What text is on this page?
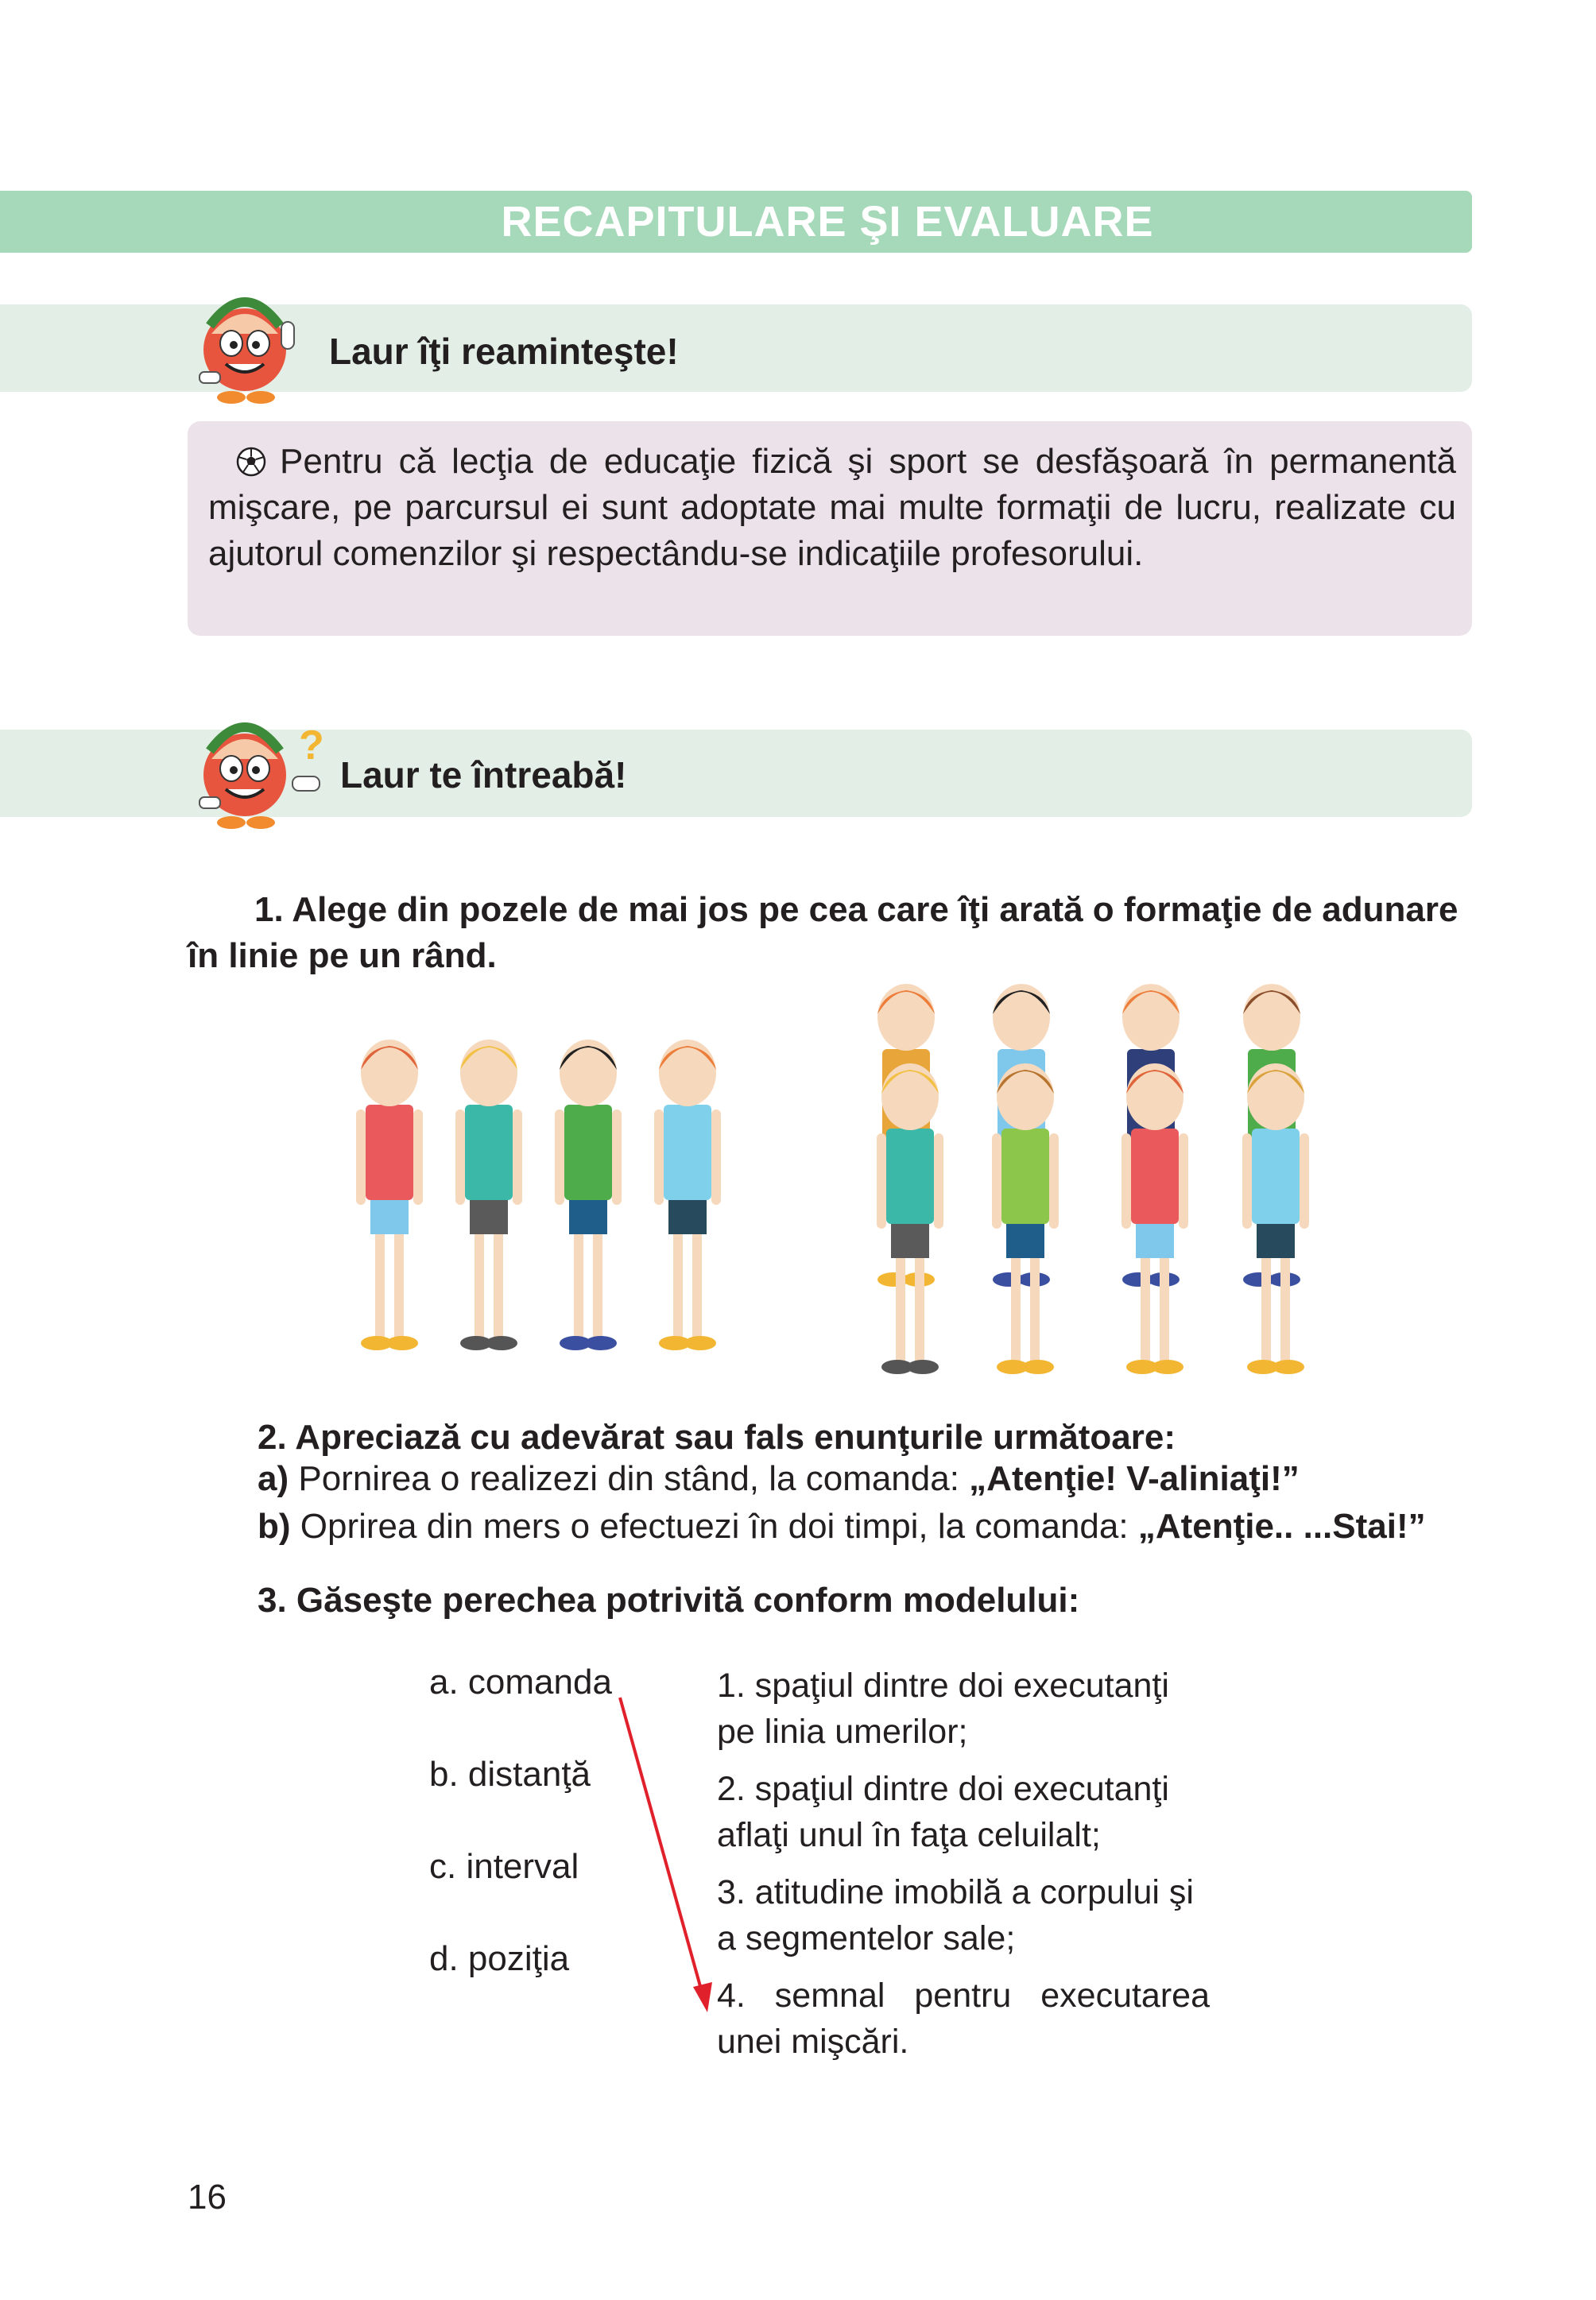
RECAPITULARE ŞI EVALUARE
Laur îţi reaminteşte!
Pentru că lecţia de educaţie fizică şi sport se desfăşoară în permanentă mişcare, pe parcursul ei sunt adoptate mai multe formaţii de lucru, realizate cu ajutorul comenzilor şi respectându-se indicaţiile profesorului.
?
Laur te întreabă!
1. Alege din pozele de mai jos pe cea care îţi arată o formaţie de adunare în linie pe un rând.
2. Apreciază cu adevărat sau fals enunţurile următoare:
a) Pornirea o realizezi din stând, la comanda: „Atenţie! V-aliniaţi!”
b) Oprirea din mers o efectuezi în doi timpi, la comanda: „Atenţie.. ...Stai!”
3. Găseşte perechea potrivită conform modelului:
a. comanda
b. distanţă
c. interval
d. poziţia
1. spaţiul dintre doi executanţi pe linia umerilor;
2. spaţiul dintre doi executanţi aflaţi unul în faţa celuilalt;
3. atitudine imobilă a corpului şi a segmentelor sale;
4. semnal pentru executarea unei mişcări.
16
